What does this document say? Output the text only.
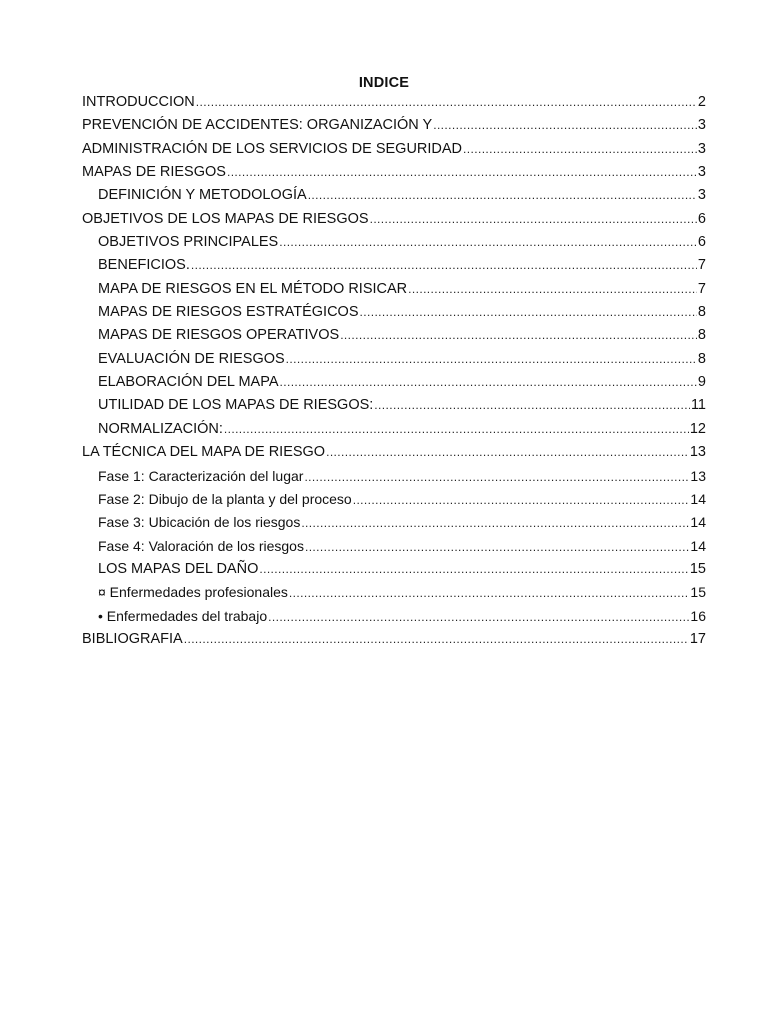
INDICE
INTRODUCCION .....	2
PREVENCIÓN DE ACCIDENTES: ORGANIZACIÓN Y .....	3
ADMINISTRACIÓN DE LOS SERVICIOS DE SEGURIDAD .....	3
MAPAS DE RIESGOS .....	3
DEFINICIÓN Y METODOLOGÍA .....	3
OBJETIVOS DE LOS MAPAS DE RIESGOS .....	6
OBJETIVOS PRINCIPALES .....	6
BENEFICIOS. .....	7
MAPA DE RIESGOS EN EL MÉTODO RISICAR .....	7
MAPAS DE RIESGOS ESTRATÉGICOS .....	8
MAPAS DE RIESGOS OPERATIVOS .....	8
EVALUACIÓN DE RIESGOS .....	8
ELABORACIÓN DEL MAPA .....	9
UTILIDAD DE LOS MAPAS DE RIESGOS: .....	11
NORMALIZACIÓN: .....	12
LA TÉCNICA DEL MAPA DE RIESGO .....	13
Fase 1: Caracterización del lugar .....	13
Fase 2: Dibujo de la planta y del proceso .....	14
Fase 3: Ubicación de los riesgos .....	14
Fase 4: Valoración de los riesgos .....	14
LOS MAPAS DEL DAÑO .....	15
¤ Enfermedades profesionales .....	15
• Enfermedades del trabajo .....	16
BIBLIOGRAFIA .....	17
